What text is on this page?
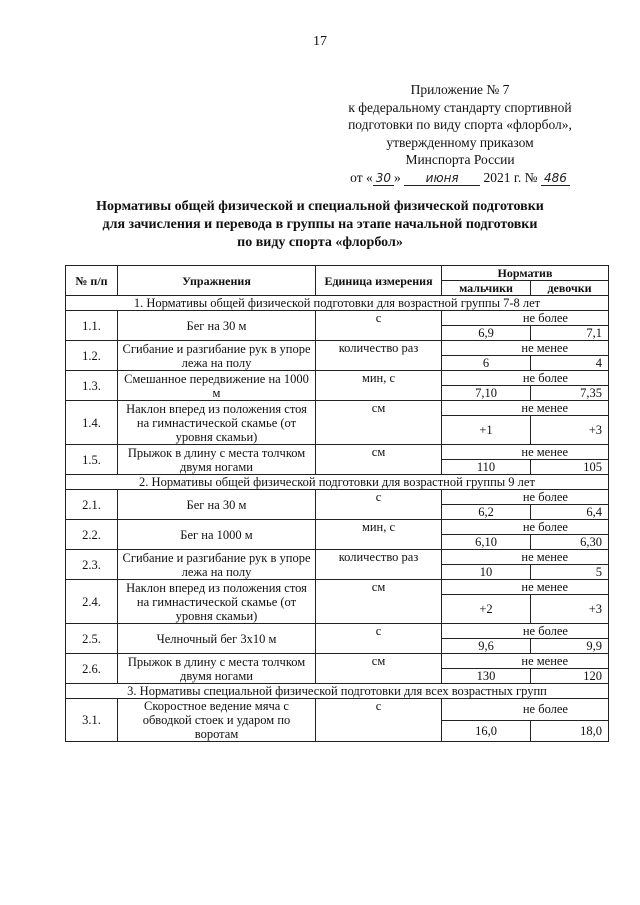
17
Приложение № 7
к федеральному стандарту спортивной
подготовки по виду спорта «флорбол»,
утвержденному приказом
Минспорта России
от « 30 » июня 2021 г. № 486
Нормативы общей физической и специальной физической подготовки
для зачисления и перевода в группы на этапе начальной подготовки
по виду спорта «флорбол»
№ п/п	Упражнения	Единица измерения	Норматив	
			мальчики	девочки
1. Нормативы общей физической подготовки для возрастной группы 7-8 лет				
1.1.	Бег на 30 м	с	не более	
			6,9	7,1
1.2.	Сгибание и разгибание рук в упоре лежа на полу	количество раз	не менее	
			6	4
1.3.	Смешанное передвижение на 1000 м	мин, с	не более	
			7,10	7,35
1.4.	Наклон вперед из положения стоя на гимнастической скамье (от уровня скамьи)	см	не менее	
			+1	+3
1.5.	Прыжок в длину с места толчком двумя ногами	см	не менее	
			110	105
2. Нормативы общей физической подготовки для возрастной группы 9 лет				
2.1.	Бег на 30 м	с	не более	
			6,2	6,4
2.2.	Бег на 1000 м	мин, с	не более	
			6,10	6,30
2.3.	Сгибание и разгибание рук в упоре лежа на полу	количество раз	не менее	
			10	5
2.4.	Наклон вперед из положения стоя на гимнастической скамье (от уровня скамьи)	см	не менее	
			+2	+3
2.5.	Челночный бег 3х10 м	с	не более	
			9,6	9,9
2.6.	Прыжок в длину с места толчком двумя ногами	см	не менее	
			130	120
3. Нормативы специальной физической подготовки для всех возрастных групп				
3.1.	Скоростное ведение мяча с обводкой стоек и ударом по воротам	с	не более	
			16,0	18,0
